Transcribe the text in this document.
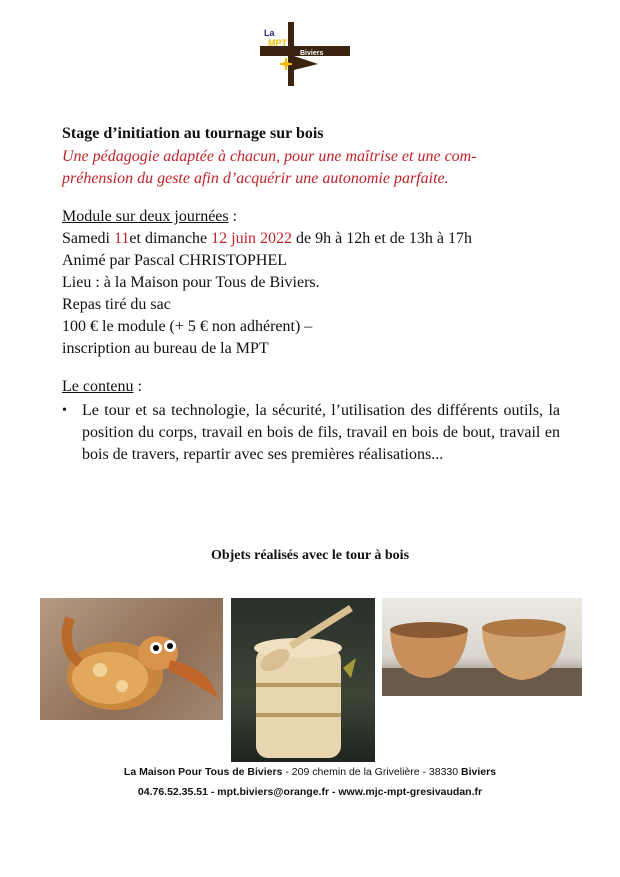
La
MPT
Biviers
Stage d’initiation au tournage sur bois
Une pédagogie adaptée à chacun, pour une maîtrise et une com-
préhension du geste afin d’acquérir une autonomie parfaite.
Module sur deux journées :
Samedi 11et dimanche 12 juin 2022 de 9h à 12h et de 13h à 17h
Animé par Pascal CHRISTOPHEL
Lieu : à la Maison pour Tous de Biviers.
Repas tiré du sac
100 € le module (+ 5 € non adhérent) –
inscription au bureau de la MPT
Le contenu :
• Le tour et sa technologie, la sécurité, l’utilisation des différents outils, la position du corps, travail en bois de fils, travail en bois de bout, travail en bois de travers, repartir avec ses premières réalisations...
Objets réalisés avec le tour à bois
La Maison Pour Tous de Biviers - 209 chemin de la Grivelière - 38330 Biviers
04.76.52.35.51 - mpt.biviers@orange.fr - www.mjc-mpt-gresivaudan.fr
